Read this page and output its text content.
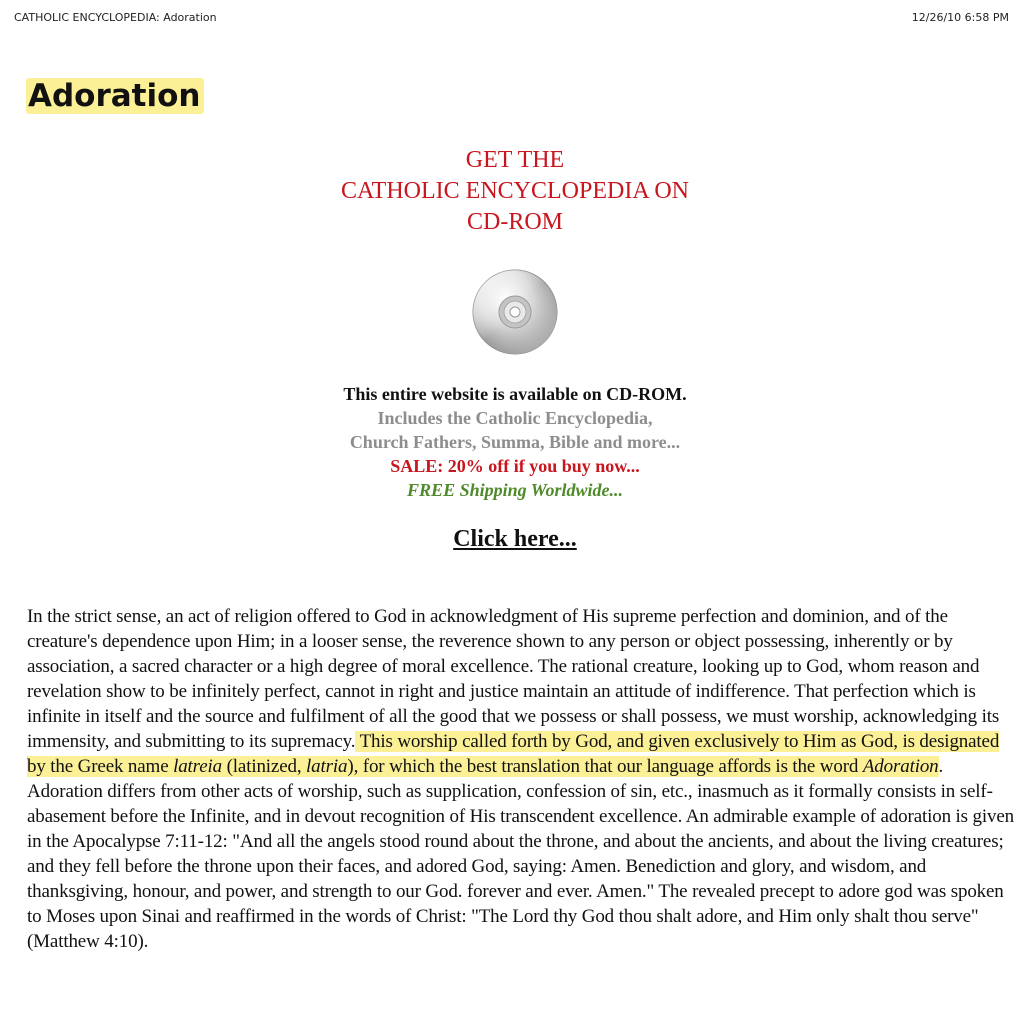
CATHOLIC ENCYCLOPEDIA: Adoration	12/26/10 6:58 PM
Adoration
GET THE
CATHOLIC ENCYCLOPEDIA ON
CD-ROM
This entire website is available on CD-ROM.
Includes the Catholic Encyclopedia,
Church Fathers, Summa, Bible and more...
SALE: 20% off if you buy now...
FREE Shipping Worldwide...
Click here...

In the strict sense, an act of religion offered to God in acknowledgment of His supreme perfection and dominion, and of the creature's dependence upon Him; in a looser sense, the reverence shown to any person or object possessing, inherently or by association, a sacred character or a high degree of moral excellence. The rational creature, looking up to God, whom reason and revelation show to be infinitely perfect, cannot in right and justice maintain an attitude of indifference. That perfection which is infinite in itself and the source and fulfilment of all the good that we possess or shall possess, we must worship, acknowledging its immensity, and submitting to its supremacy. This worship called forth by God, and given exclusively to Him as God, is designated by the Greek name latreia (latinized, latria), for which the best translation that our language affords is the word Adoration. Adoration differs from other acts of worship, such as supplication, confession of sin, etc., inasmuch as it formally consists in self-abasement before the Infinite, and in devout recognition of His transcendent excellence. An admirable example of adoration is given in the Apocalypse 7:11-12: "And all the angels stood round about the throne, and about the ancients, and about the living creatures; and they fell before the throne upon their faces, and adored God, saying: Amen. Benediction and glory, and wisdom, and thanksgiving, honour, and power, and strength to our God. forever and ever. Amen." The revealed precept to adore god was spoken to Moses upon Sinai and reaffirmed in the words of Christ: "The Lord thy God thou shalt adore, and Him only shalt thou serve" (Matthew 4:10).
